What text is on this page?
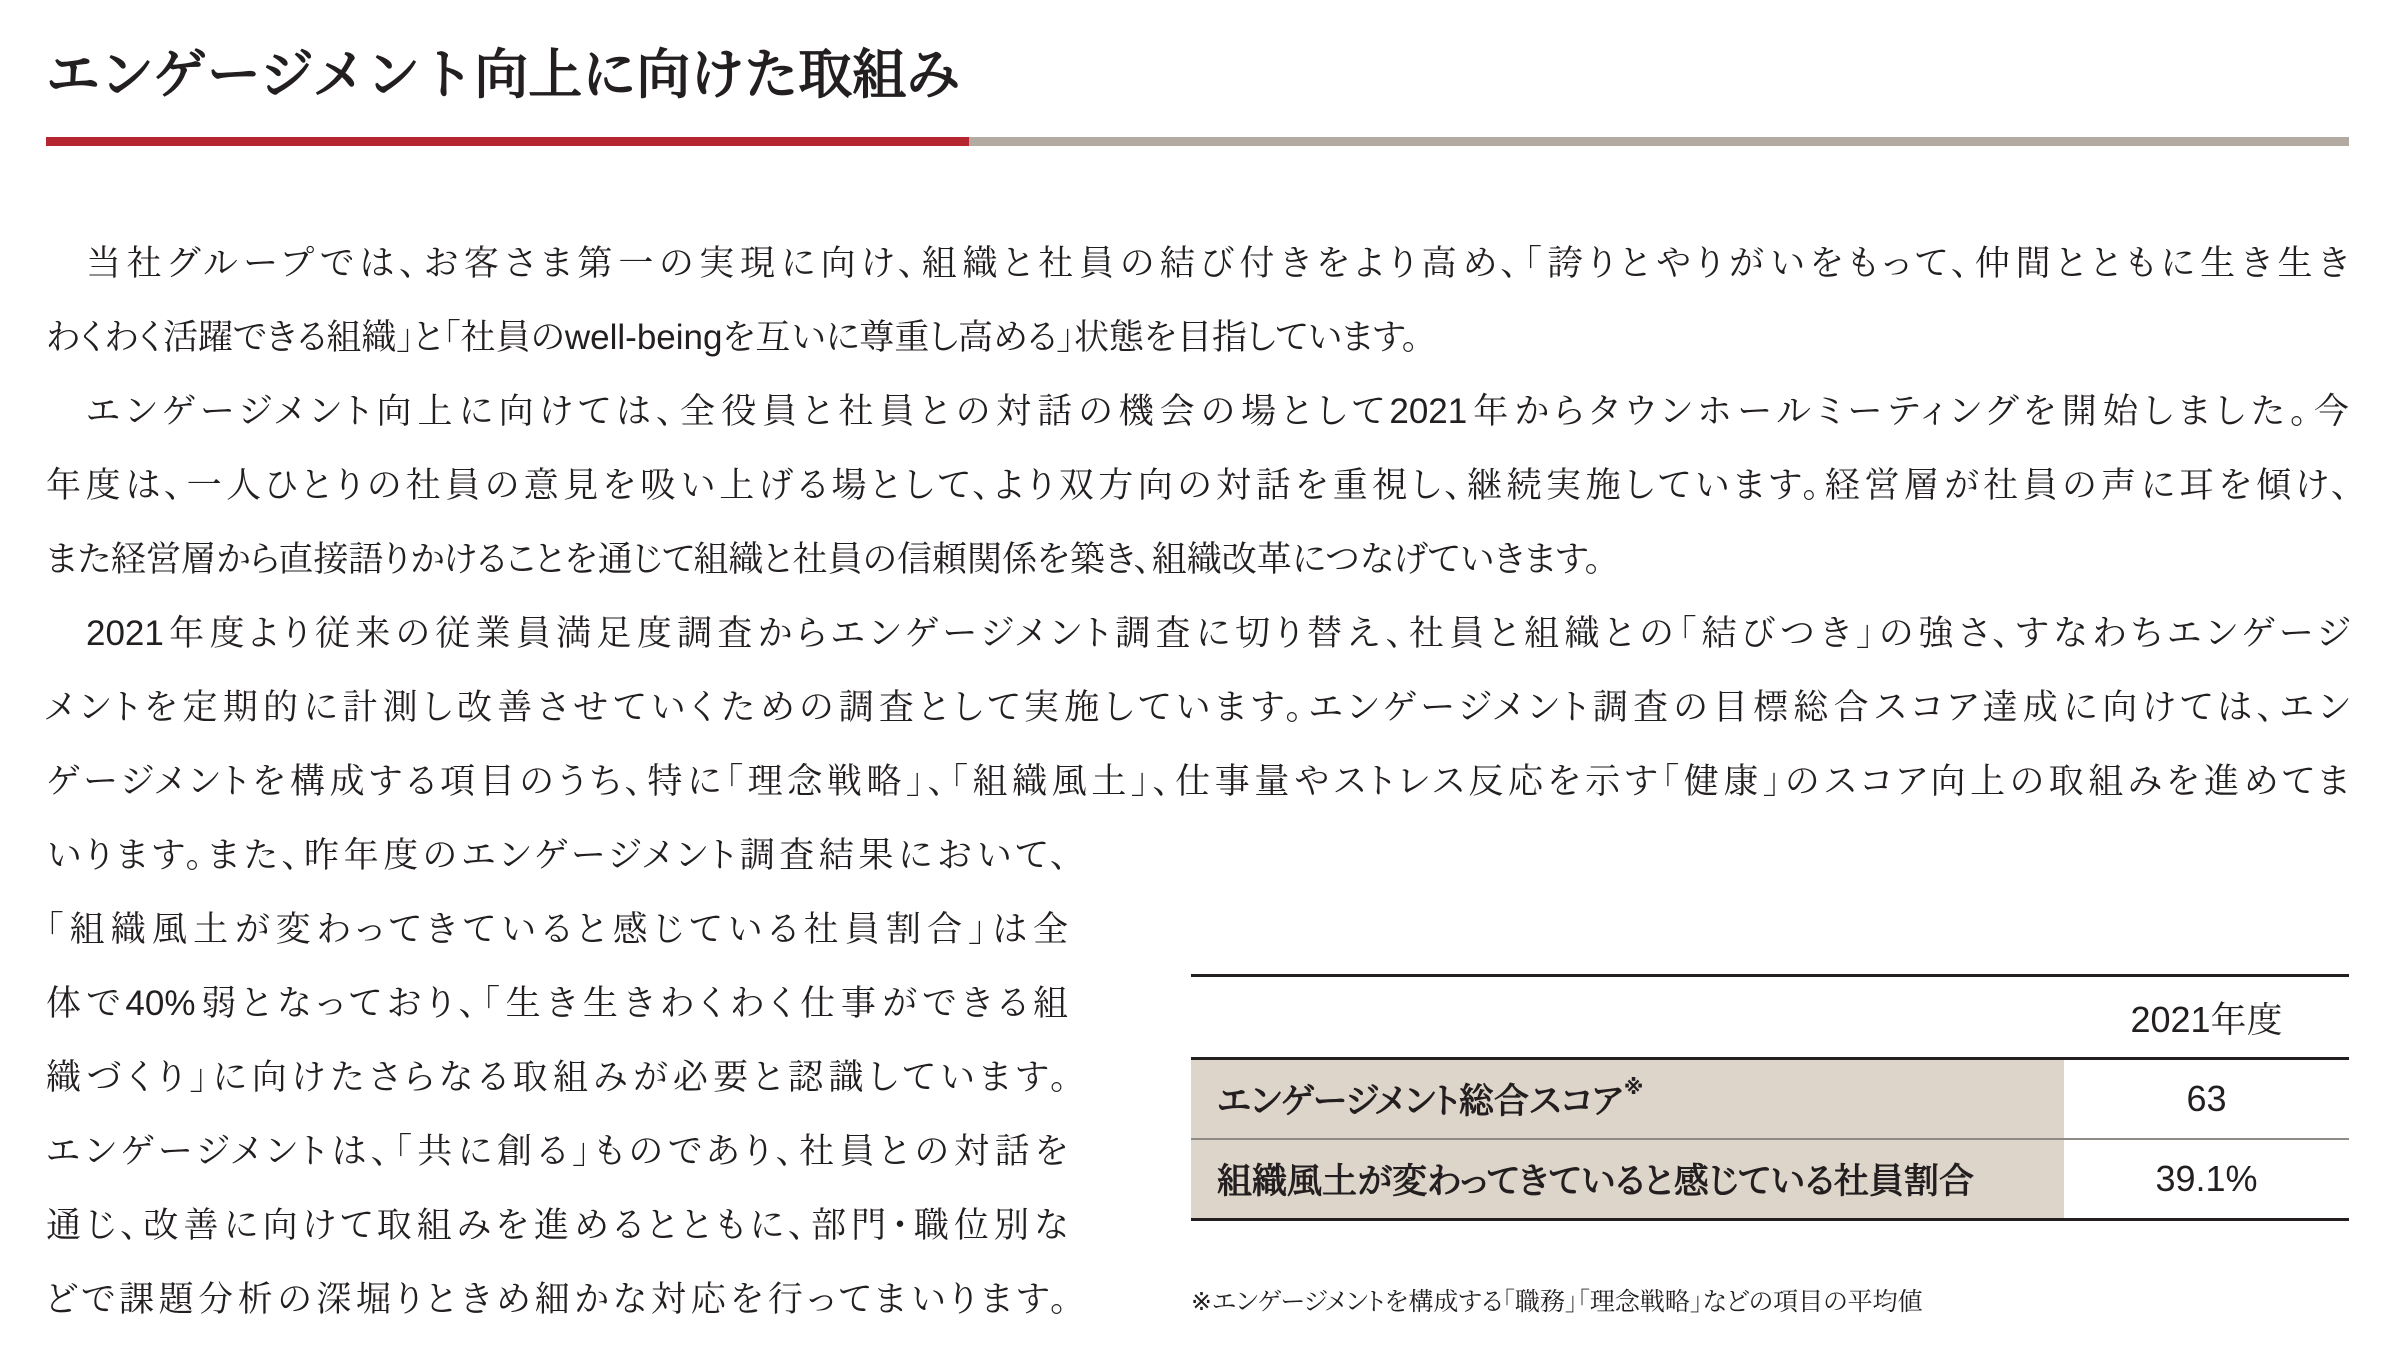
エンゲージメント向上に向けた取組み
当社グループでは、お客さま第一の実現に向け、組織と社員の結び付きをより高め、「誇りとやりがいをもって、仲間とともに生き生き
わくわく活躍できる組織」と「社員のwell-beingを互いに尊重し高める」状態を目指しています。
エンゲージメント向上に向けては、全役員と社員との対話の機会の場として2021年からタウンホールミーティングを開始しました。今
年度は、一人ひとりの社員の意見を吸い上げる場として、より双方向の対話を重視し、継続実施しています。経営層が社員の声に耳を傾け、
また経営層から直接語りかけることを通じて組織と社員の信頼関係を築き、組織改革につなげていきます。
2021年度より従来の従業員満足度調査からエンゲージメント調査に切り替え、社員と組織との「結びつき」の強さ、すなわちエンゲージ
メントを定期的に計測し改善させていくための調査として実施しています。エンゲージメント調査の目標総合スコア達成に向けては、エン
ゲージメントを構成する項目のうち、特に「理念戦略」、「組織風土」、仕事量やストレス反応を示す「健康」のスコア向上の取組みを進めてま
いります。また、昨年度のエンゲージメント調査結果において、
「組織風土が変わってきていると感じている社員割合」は全
体で40%弱となっており、「生き生きわくわく仕事ができる組
織づくり」に向けたさらなる取組みが必要と認識しています。
エンゲージメントは、「共に創る」ものであり、社員との対話を
通じ、改善に向けて取組みを進めるとともに、部門・職位別な
どで課題分析の深堀りときめ細かな対応を行ってまいります。
2021年度
エンゲージメント総合スコア ※	63
組織風土が変わってきていると感じている社員割合	39.1%
※エンゲージメントを構成する「職務」「理念戦略」などの項目の平均値
